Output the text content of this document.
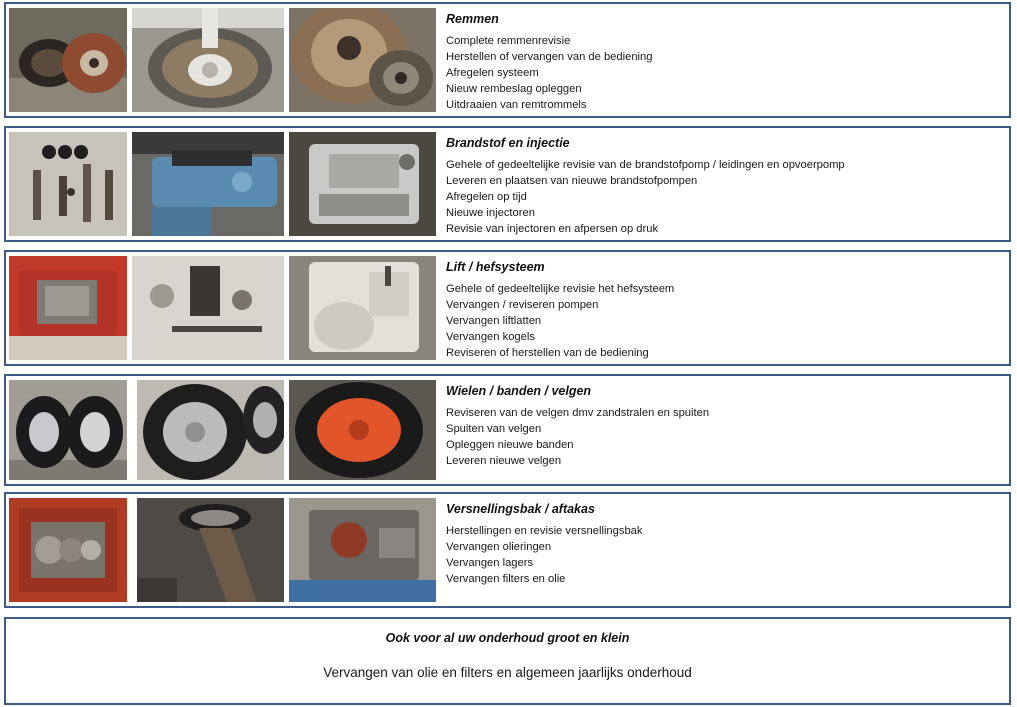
Remmen
Complete remmenrevisie
Herstellen of vervangen van de bediening
Afregelen systeem
Nieuw rembeslag opleggen
Uitdraaien van remtrommels
Brandstof en injectie
Gehele of gedeeltelijke revisie van de brandstofpomp / leidingen en opvoerpomp
Leveren en plaatsen van nieuwe brandstofpompen
Afregelen op tijd
Nieuwe injectoren
Revisie van injectoren en afpersen op druk
Lift / hefsysteem
Gehele of gedeeltelijke revisie het hefsysteem
Vervangen / reviseren pompen
Vervangen liftlatten
Vervangen kogels
Reviseren of herstellen van de bediening
Wielen / banden / velgen
Reviseren van de velgen dmv zandstralen en spuiten
Spuiten van velgen
Opleggen nieuwe banden
Leveren nieuwe velgen
Versnellingsbak / aftakas
Herstellingen en revisie versnellingsbak
Vervangen olieringen
Vervangen lagers
Vervangen filters en olie
Ook voor al uw onderhoud groot en klein
Vervangen van olie en filters en algemeen jaarlijks onderhoud
